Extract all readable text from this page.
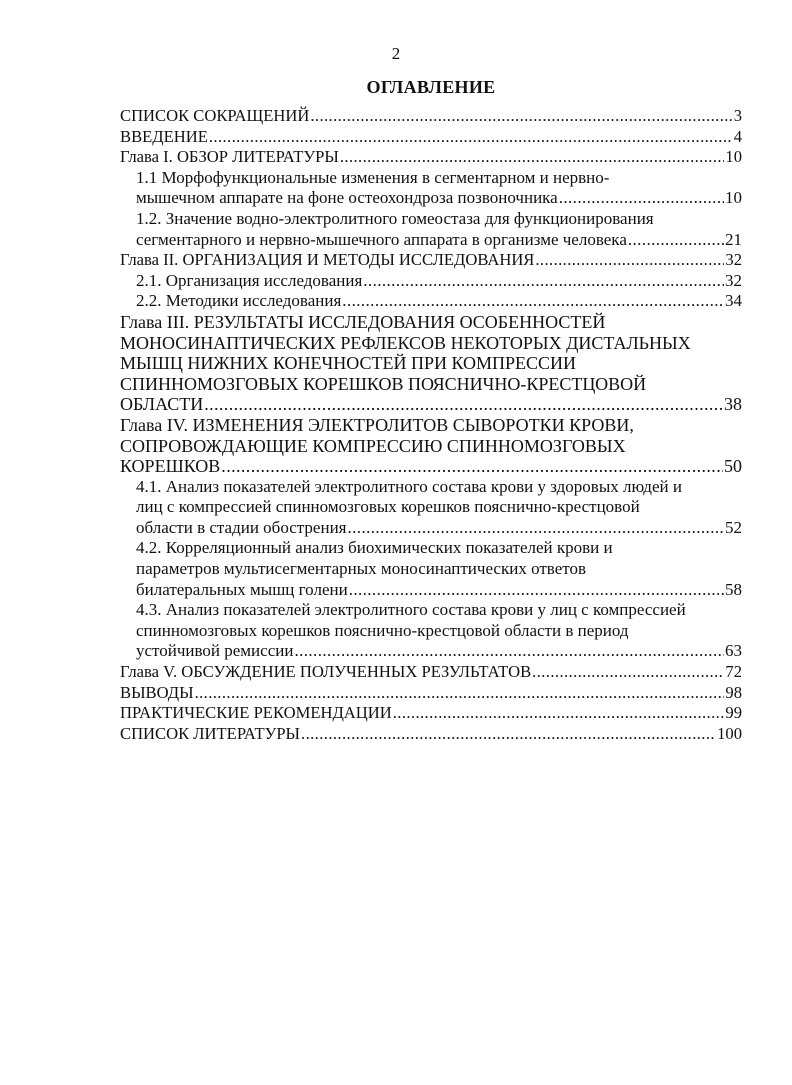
2
ОГЛАВЛЕНИЕ
СПИСОК СОКРАЩЕНИЙ .....	3
ВВЕДЕНИЕ .....	4
Глава I. ОБЗОР ЛИТЕРАТУРЫ .....	10
1.1 Морфофункциональные изменения в сегментарном и нервно-
мышечном аппарате на фоне остеохондроза позвоночника .....	10
1.2. Значение водно-электролитного гомеостаза для функционирования
сегментарного и нервно-мышечного аппарата в организме человека .....	21
Глава II. ОРГАНИЗАЦИЯ И МЕТОДЫ ИССЛЕДОВАНИЯ .....	32
2.1. Организация исследования .....	32
2.2. Методики исследования .....	34
Глава III. РЕЗУЛЬТАТЫ ИССЛЕДОВАНИЯ ОСОБЕННОСТЕЙ
МОНОСИНАПТИЧЕСКИХ РЕФЛЕКСОВ НЕКОТОРЫХ ДИСТАЛЬНЫХ
МЫШЦ НИЖНИХ КОНЕЧНОСТЕЙ ПРИ КОМПРЕССИИ
СПИННОМОЗГОВЫХ КОРЕШКОВ ПОЯСНИЧНО-КРЕСТЦОВОЙ
ОБЛАСТИ .....	38
Глава IV. ИЗМЕНЕНИЯ ЭЛЕКТРОЛИТОВ СЫВОРОТКИ КРОВИ,
СОПРОВОЖДАЮЩИЕ КОМПРЕССИЮ СПИННОМОЗГОВЫХ
КОРЕШКОВ .....	50
4.1. Анализ показателей электролитного состава крови у здоровых людей и
лиц с компрессией спинномозговых корешков пояснично-крестцовой
области в стадии обострения .....	52
4.2. Корреляционный анализ биохимических показателей крови и
параметров мультисегментарных моносинаптических ответов
билатеральных мышц голени .....	58
4.3. Анализ показателей электролитного состава крови у лиц с компрессией
спинномозговых корешков пояснично-крестцовой области в период
устойчивой ремиссии .....	63
Глава V. ОБСУЖДЕНИЕ ПОЛУЧЕННЫХ РЕЗУЛЬТАТОВ .....	72
ВЫВОДЫ .....	98
ПРАКТИЧЕСКИЕ РЕКОМЕНДАЦИИ .....	99
СПИСОК ЛИТЕРАТУРЫ .....	100
